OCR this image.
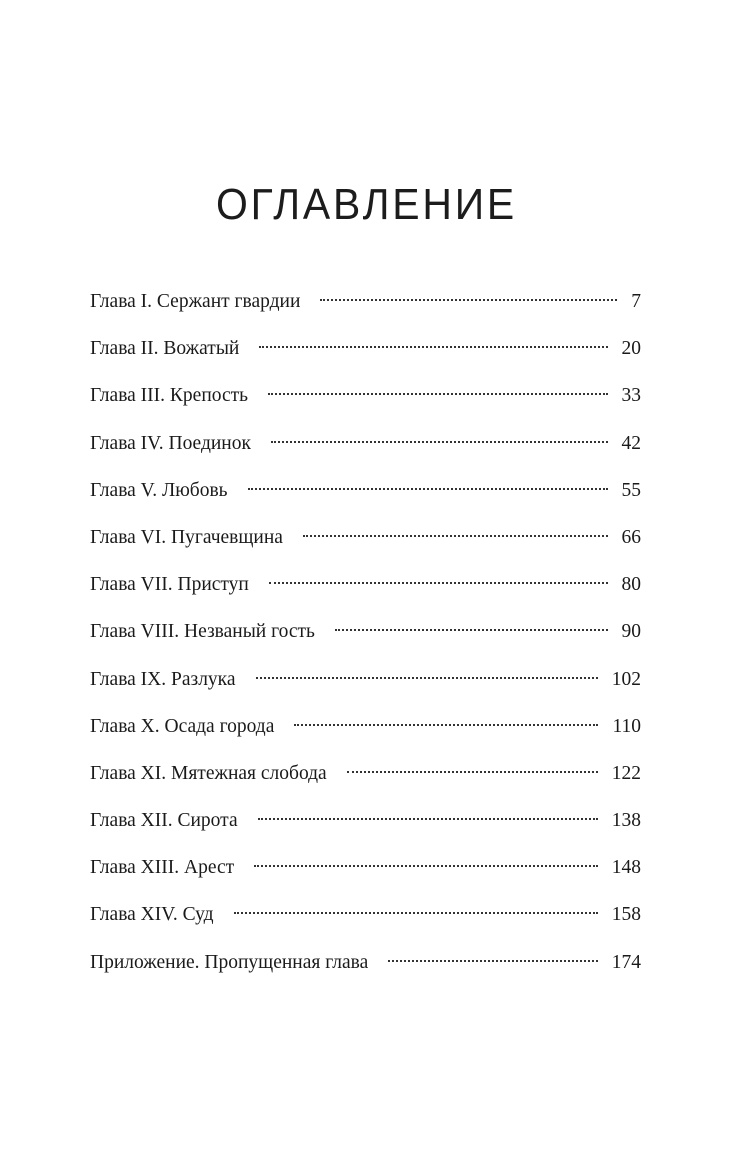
ОГЛАВЛЕНИЕ
Глава I. Сержант гвардии	7
Глава II. Вожатый	20
Глава III. Крепость	33
Глава IV. Поединок	42
Глава V. Любовь	55
Глава VI. Пугачевщина	66
Глава VII. Приступ	80
Глава VIII. Незваный гость	90
Глава IX. Разлука	102
Глава X. Осада города	110
Глава XI. Мятежная слобода	122
Глава XII. Сирота	138
Глава XIII. Арест	148
Глава XIV. Суд	158
Приложение. Пропущенная глава	174
